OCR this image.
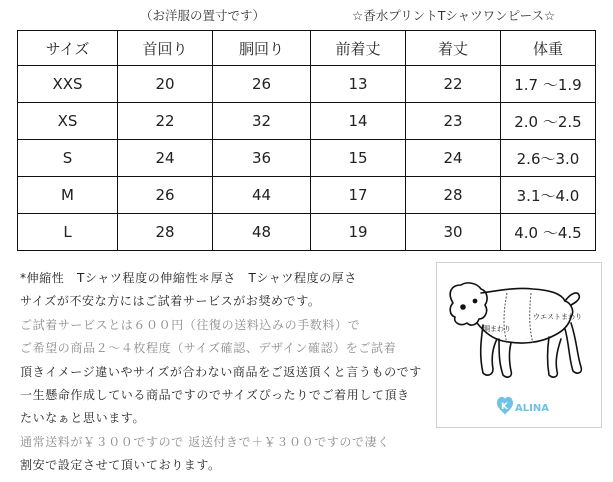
（お洋服の置寸です）	☆香水プリントTシャツワンピース☆
サイズ	首回り	胴回り	前着丈	着丈	体重
XXS	20	26	13	22	1.7 〜1.9
XS	22	32	14	23	2.0 〜2.5
S	24	36	15	24	2.6〜3.0
M	26	44	17	28	3.1〜4.0
L	28	48	19	30	4.0 〜4.5
*伸縮性　Tシャツ程度の伸縮性＊厚さ　Tシャツ程度の厚さ
サイズが不安な方にはご試着サービスがお奨めです。
ご試着サービスとは６００円（往復の送料込みの手数料）で
ご希望の商品２～４枚程度（サイズ確認、デザイン確認）をご試着
頂きイメージ違いやサイズが合わない商品をご返送頂くと言うものです
一生懸命作成している商品ですのでサイズぴったりでご着用して頂き
たいなぁと思います。
通常送料が￥３００ですので 返送付きで＋￥３００ですので凄く
割安で設定させて頂いております。
ウエストまわり
胴まわり
K ALINA
